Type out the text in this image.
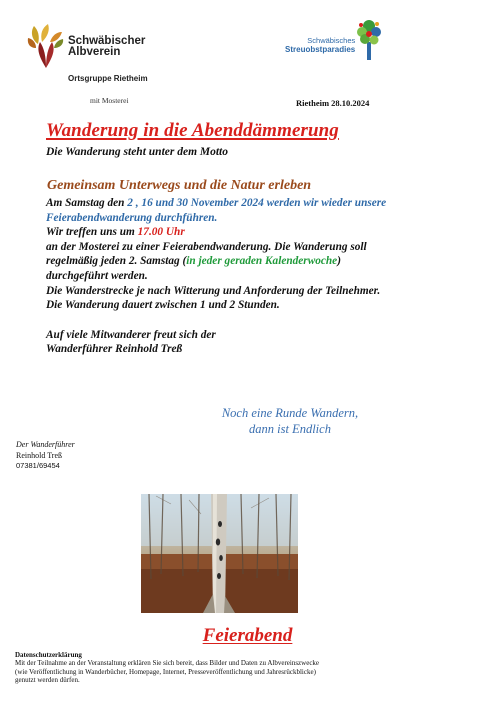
Schwäbischer
Albverein
Ortsgruppe Rietheim
mit Mosterei
Schwäbisches
Streuobstparadies
Rietheim 28.10.2024
Wanderung in die Abenddämmerung
Die Wanderung steht unter dem Motto
Gemeinsam Unterwegs und die Natur erleben

Am Samstag den 2 , 16 und 30 November 2024 werden wir wieder unsere

Feierabendwanderung durchführen.

Wir treffen uns um 17.00 Uhr

an der Mosterei zu einer Feierabendwanderung. Die Wanderung soll

regelmäßig jeden 2. Samstag (in jeder geraden Kalenderwoche)

durchgeführt werden.

Die Wanderstrecke je nach Witterung und Anforderung der Teilnehmer.

Die Wanderung dauert zwischen 1 und 2 Stunden.

Auf viele Mitwanderer freut sich der

Wanderführer Reinhold Treß

Noch eine Runde Wandern,
dann ist Endlich
Der Wanderführer
Reinhold Treß
07381/69454
Feierabend

Datenschutzerklärung

Mit der Teilnahme an der Veranstaltung erklären Sie sich bereit, dass Bilder und Daten zu Albvereinszwecke

(wie Veröffentlichung in Wanderbücher, Homepage, Internet, Presseveröffentlichung und Jahresrückblicke)

genutzt werden dürfen.
